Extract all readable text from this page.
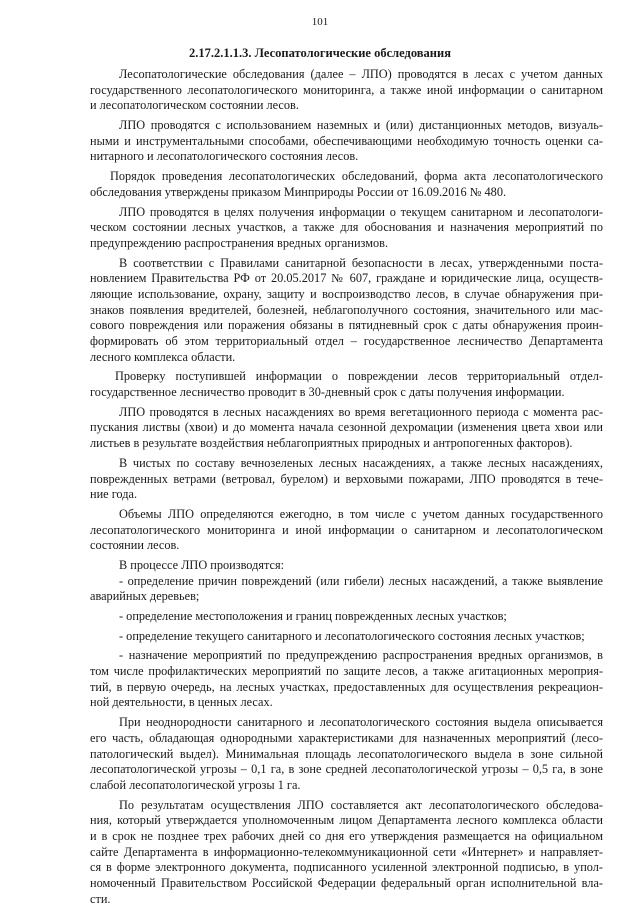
101
2.17.2.1.1.3. Лесопатологические обследования
Лесопатологические обследования (далее – ЛПО) проводятся в лесах с учетом данных
государственного лесопатологического мониторинга, а также иной информации о санитарном
и лесопатологическом состоянии лесов.
ЛПО проводятся с использованием наземных и (или) дистанционных методов, визуаль-
ными и инструментальными способами, обеспечивающими необходимую точность оценки са-
нитарного и лесопатологического состояния лесов.
Порядок проведения лесопатологических обследований, форма акта лесопатологического
обследования утверждены приказом Минприроды России от 16.09.2016 № 480.
ЛПО проводятся в целях получения информации о текущем санитарном и лесопатологи-
ческом состоянии лесных участков, а также для обоснования и назначения мероприятий по
предупреждению распространения вредных организмов.
В соответствии с Правилами санитарной безопасности в лесах, утвержденными поста-
новлением Правительства РФ от 20.05.2017 № 607, граждане и юридические лица, осуществ-
ляющие использование, охрану, защиту и воспроизводство лесов, в случае обнаружения при-
знаков появления вредителей, болезней, неблагополучного состояния, значительного или мас-
сового повреждения или поражения обязаны в пятидневный срок с даты обнаружения проин-
формировать об этом территориальный отдел – государственное лесничество Департамента
лесного комплекса области.
Проверку поступившей информации о повреждении лесов территориальный отдел-
государственное лесничество проводит в 30-дневный срок с даты получения информации.
ЛПО проводятся в лесных насаждениях во время вегетационного периода с момента рас-
пускания листвы (хвои) и до момента начала сезонной дехромации (изменения цвета хвои или
листьев в результате воздействия неблагоприятных природных и антропогенных факторов).
В чистых по составу вечнозеленых лесных насаждениях, а также лесных насаждениях,
поврежденных ветрами (ветровал, бурелом) и верховыми пожарами, ЛПО проводятся в тече-
ние года.
Объемы ЛПО определяются ежегодно, в том числе с учетом данных государственного
лесопатологического мониторинга и иной информации о санитарном и лесопатологическом
состоянии лесов.
В процессе ЛПО производятся:
- определение причин повреждений (или гибели) лесных насаждений, а также выявление
аварийных деревьев;
- определение местоположения и границ поврежденных лесных участков;
- определение текущего санитарного и лесопатологического состояния лесных участков;
- назначение мероприятий по предупреждению распространения вредных организмов, в
том числе профилактических мероприятий по защите лесов, а также агитационных мероприя-
тий, в первую очередь, на лесных участках, предоставленных для осуществления рекреацион-
ной деятельности, в ценных лесах.
При неоднородности санитарного и лесопатологического состояния выдела описывается
его часть, обладающая однородными характеристиками для назначенных мероприятий (лесо-
патологический выдел). Минимальная площадь лесопатологического выдела в зоне сильной
лесопатологической угрозы – 0,1 га, в зоне средней лесопатологической угрозы – 0,5 га, в зоне
слабой лесопатологической угрозы 1 га.
По результатам осуществления ЛПО составляется акт лесопатологического обследова-
ния, который утверждается уполномоченным лицом Департамента лесного комплекса области
и в срок не позднее трех рабочих дней со дня его утверждения размещается на официальном
сайте Департамента в информационно-телекоммуникационной сети «Интернет» и направляет-
ся в форме электронного документа, подписанного усиленной электронной подписью, в упол-
номоченный Правительством Российской Федерации федеральный орган исполнительной вла-
сти.
